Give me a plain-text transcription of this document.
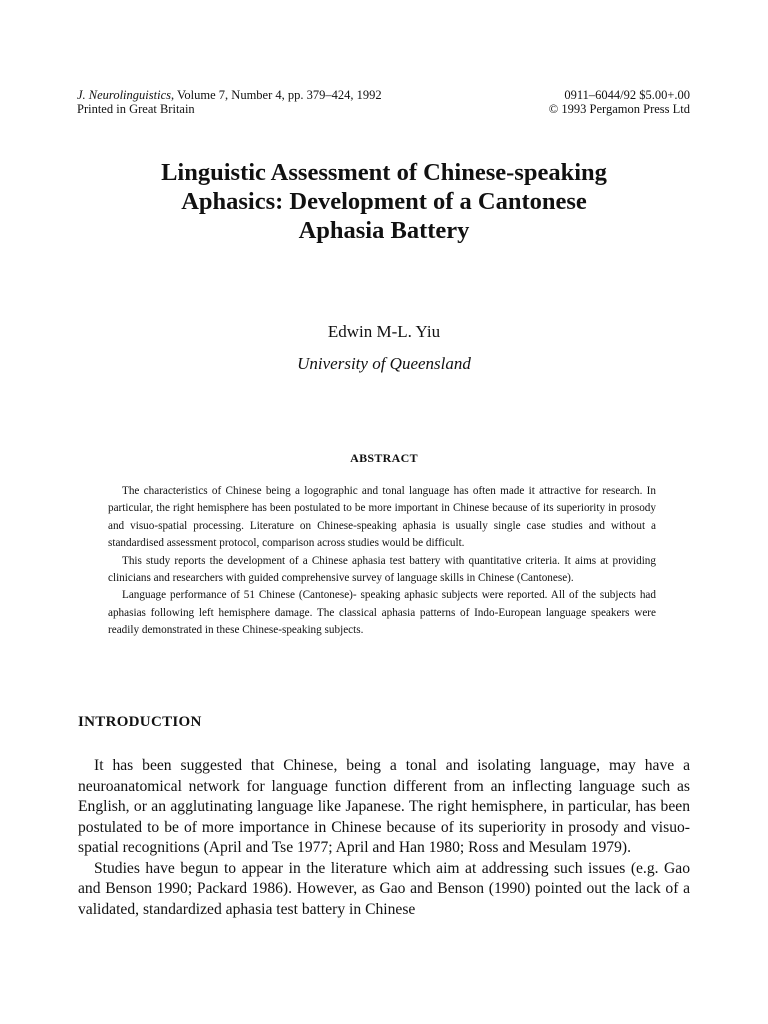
J. Neurolinguistics, Volume 7, Number 4, pp. 379–424, 1992	0911–6044/92 $5.00+.00
Printed in Great Britain	© 1993 Pergamon Press Ltd
Linguistic Assessment of Chinese-speaking
Aphasics: Development of a Cantonese
Aphasia Battery
Edwin M-L. Yiu
University of Queensland
ABSTRACT

The characteristics of Chinese being a logographic and tonal language has often made it attractive for research. In particular, the right hemisphere has been postulated to be more important in Chinese because of its superiority in prosody and visuo-spatial processing. Literature on Chinese-speaking aphasia is usually single case studies and without a standardised assessment protocol, comparison across studies would be difficult.

This study reports the development of a Chinese aphasia test battery with quantitative criteria. It aims at providing clinicians and researchers with guided comprehensive survey of language skills in Chinese (Cantonese).

Language performance of 51 Chinese (Cantonese)- speaking aphasic subjects were reported. All of the subjects had aphasias following left hemisphere damage. The classical aphasia patterns of Indo-European language speakers were readily demonstrated in these Chinese-speaking subjects.

INTRODUCTION

It has been suggested that Chinese, being a tonal and isolating language, may have a neuroanatomical network for language function different from an inflecting language such as English, or an agglutinating language like Japanese. The right hemisphere, in particular, has been postulated to be of more importance in Chinese because of its superiority in prosody and visuo-spatial recognitions (April and Tse 1977; April and Han 1980; Ross and Mesulam 1979).

Studies have begun to appear in the literature which aim at addressing such issues (e.g. Gao and Benson 1990; Packard 1986). However, as Gao and Benson (1990) pointed out the lack of a validated, standardized aphasia test battery in Chinese
